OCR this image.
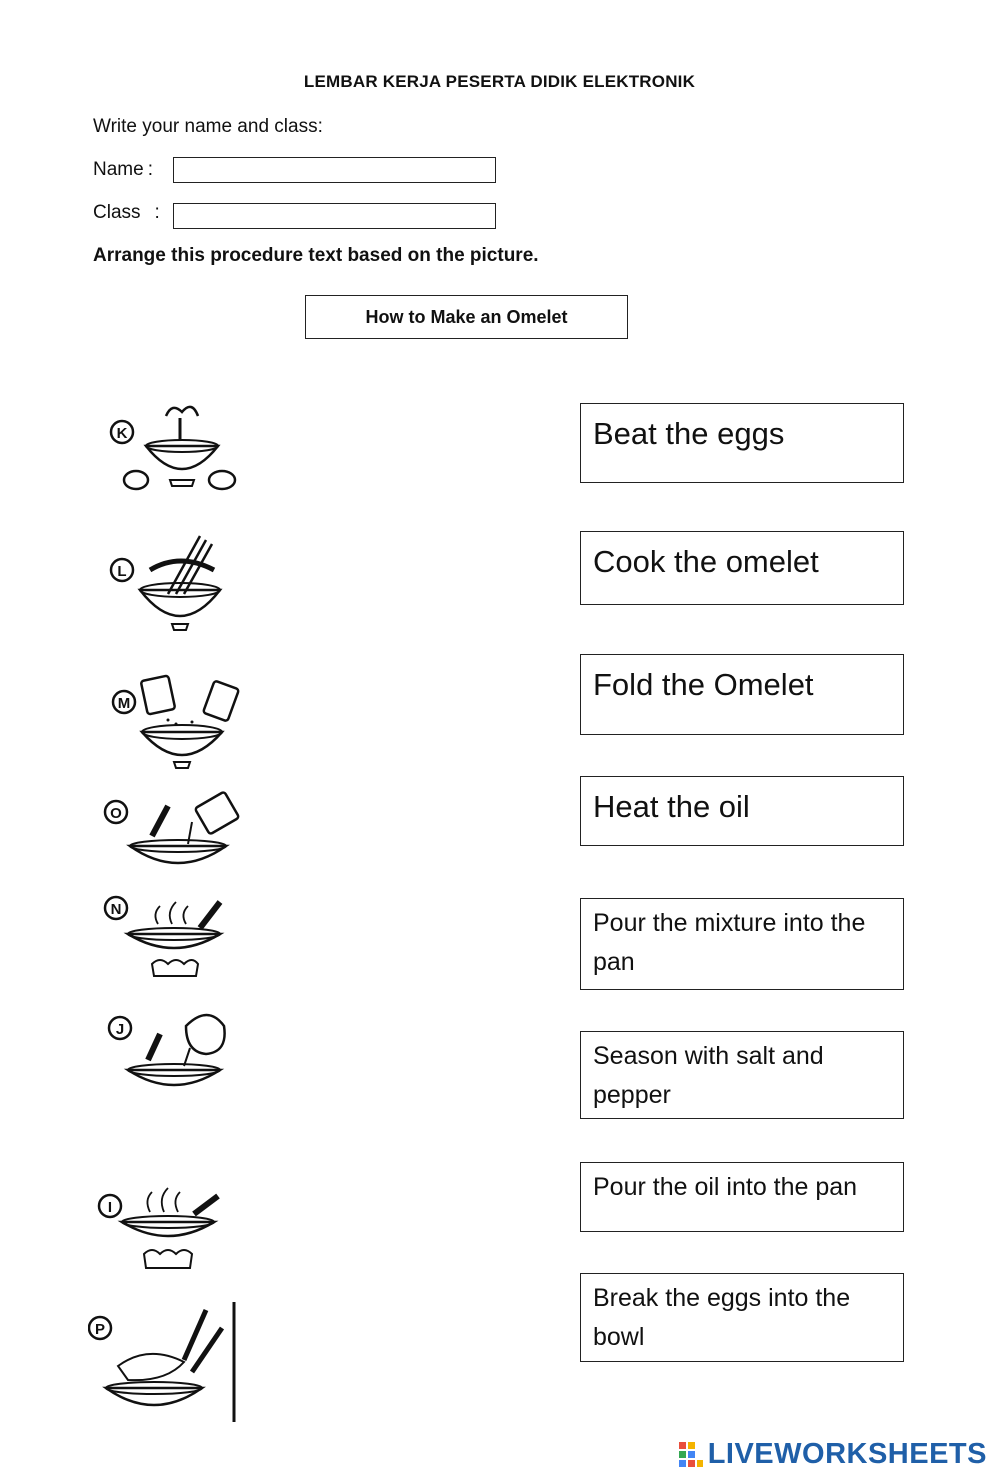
LEMBAR KERJA PESERTA DIDIK ELEKTRONIK
Write your name and class:
Name :
Class :
Arrange this procedure text based on the picture.
How to Make an Omelet
K
L
M
O
N
J
I
P
Beat the eggs
Cook the omelet
Fold the Omelet
Heat the oil
Pour the mixture into the pan
Season with salt and pepper
Pour the oil into the pan
Break the eggs into the bowl
LIVEWORKSHEETS
